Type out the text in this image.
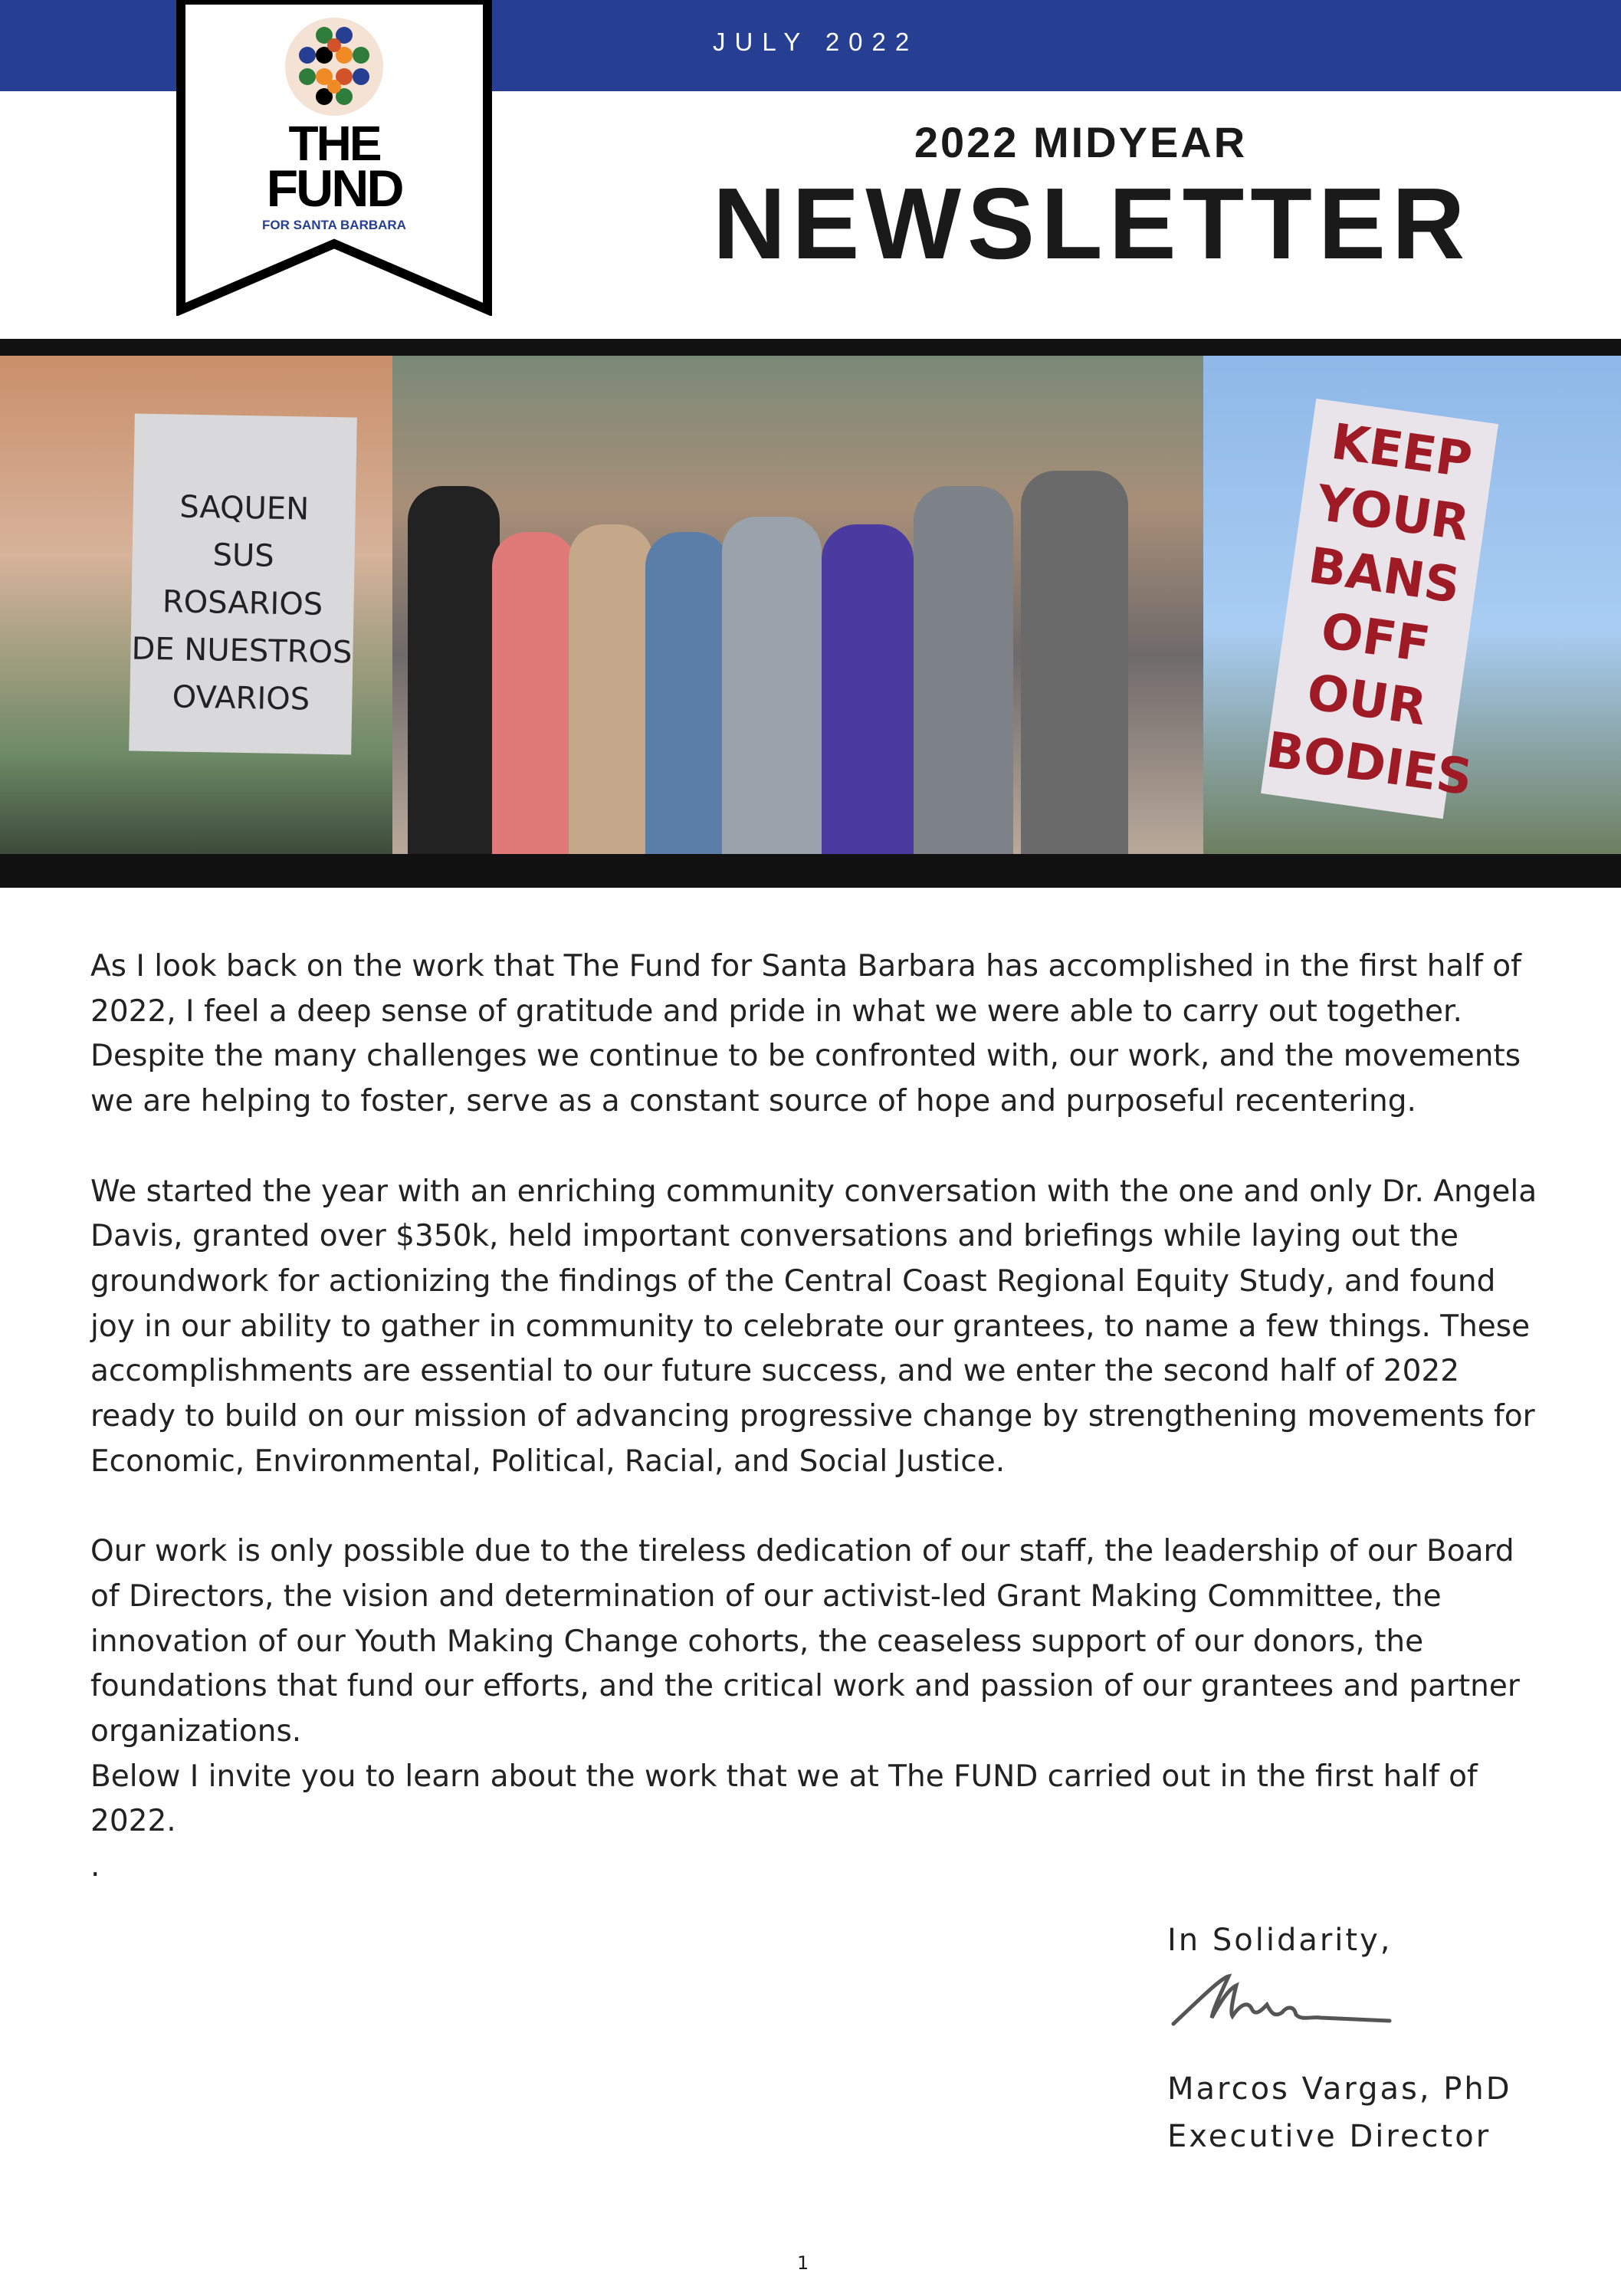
JULY 2022
THE
FUND
FOR SANTA BARBARA
2022 MIDYEAR
NEWSLETTER
SAQUEN
SUS ROSARIOS
DE NUESTROS
OVARIOS
KEEP
YOUR
BANS
OFF
OUR
BODIES

As I look back on the work that The Fund for Santa Barbara has accomplished in the first half of 2022, I feel a deep sense of gratitude and pride in what we were able to carry out together. Despite the many challenges we continue to be confronted with, our work, and the movements we are helping to foster, serve as a constant source of hope and purposeful recentering.

We started the year with an enriching community conversation with the one and only Dr. Angela Davis, granted over $350k, held important conversations and briefings while laying out the groundwork for actionizing the findings of the Central Coast Regional Equity Study, and found joy in our ability to gather in community to celebrate our grantees, to name a few things. These accomplishments are essential to our future success, and we enter the second half of 2022 ready to build on our mission of advancing progressive change by strengthening movements for Economic, Environmental, Political, Racial, and Social Justice.

Our work is only possible due to the tireless dedication of our staff, the leadership of our Board of Directors, the vision and determination of our activist-led Grant Making Committee, the innovation of our Youth Making Change cohorts, the ceaseless support of our donors, the foundations that fund our efforts, and the critical work and passion of our grantees and partner organizations.

Below I invite you to learn about the work that we at The FUND carried out in the first half of 2022.

.

In Solidarity,
Marcos Vargas, PhD
Executive Director
1
